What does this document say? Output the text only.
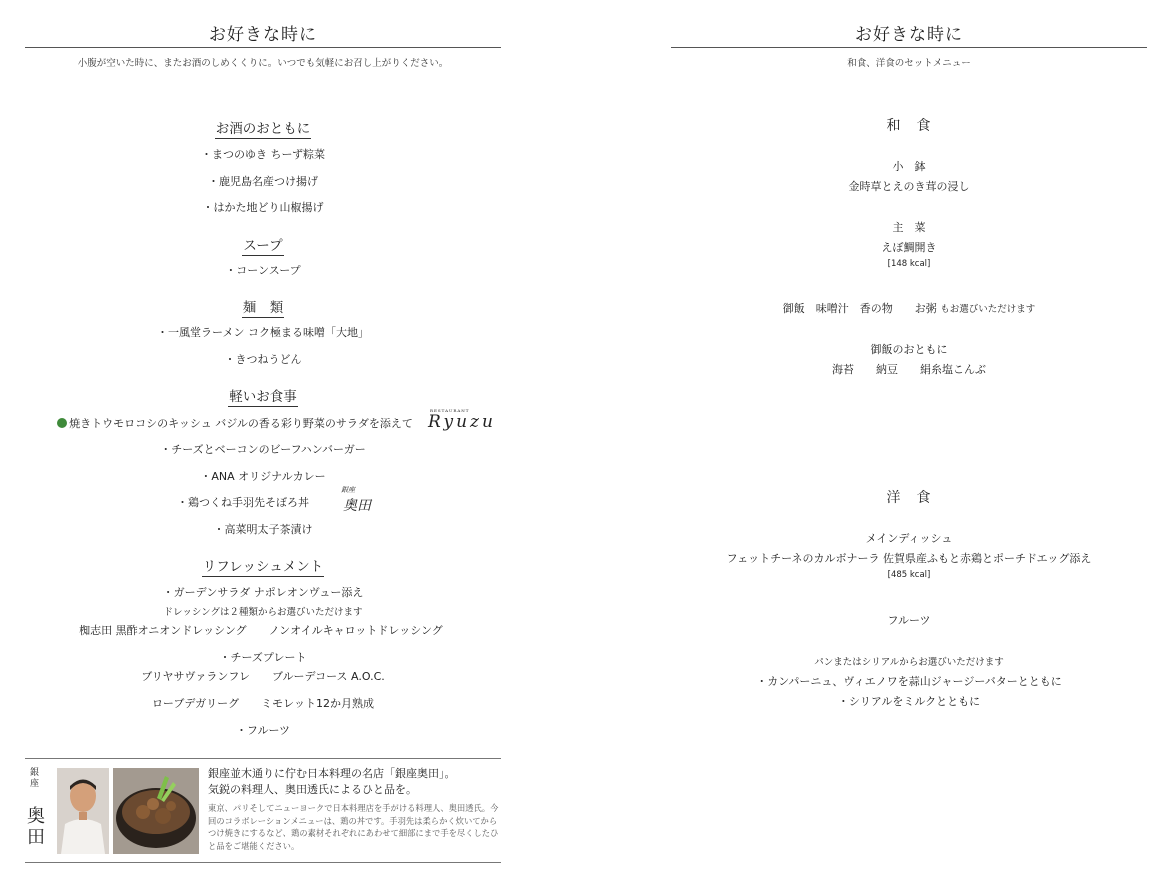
お好きな時に
小腹が空いた時に、またお酒のしめくくりに。いつでも気軽にお召し上がりください。
お酒のおともに
・まつのゆき ちーず粽菜
・鹿児島名産つけ揚げ
・はかた地どり山椒揚げ
スープ
・コーンスープ
麺　類
・一風堂ラーメン コク極まる味噌「大地」
・きつねうどん
軽いお食事
焼きトウモロコシのキッシュ バジルの香る彩り野菜のサラダを添えて
RESTAURANT
Ryuzu
・チーズとベーコンのビーフハンバーガー
・ANA オリジナルカレー
・鶏つくね手羽先そぼろ丼
銀座
奥田
・高菜明太子茶漬け
リフレッシュメント
・ガーデンサラダ ナポレオンヴュー添え
ドレッシングは２種類からお選びいただけます
椥志田 黒酢オニオンドレッシング　　ノンオイルキャロットドレッシング
・チーズプレート
ブリヤサヴァランフレ　　ブルーデコース A.O.C.
ローブデガリーグ　　ミモレット12か月熟成
・フルーツ
銀座
奥田
銀座並木通りに佇む日本料理の名店「銀座奥田」。
気鋭の料理人、奥田透氏によるひと品を。
東京、パリそしてニューヨークで日本料理店を手がける料理人、奥田透氏。今回のコラボレーションメニューは、鶏の丼です。手羽先は柔らかく炊いてからつけ焼きにするなど、鶏の素材それぞれにあわせて細部にまで手を尽くしたひと品をご堪能ください。
お好きな時に
和食、洋食のセットメニュー
和　食
小　鉢
金時草とえのき茸の浸し
主　菜
えぼ鯛開き
[148 kcal]
御飯　味噌汁　香の物　　お粥 もお選びいただけます
御飯のおともに
海苔　　納豆　　絹糸塩こんぶ
洋　食
メインディッシュ
フェットチーネのカルボナーラ 佐賀県産ふもと赤鶏とポーチドエッグ添え
[485 kcal]
フルーツ
パンまたはシリアルからお選びいただけます
・カンパーニュ、ヴィエノワを蒜山ジャージーバターとともに
・シリアルをミルクとともに
